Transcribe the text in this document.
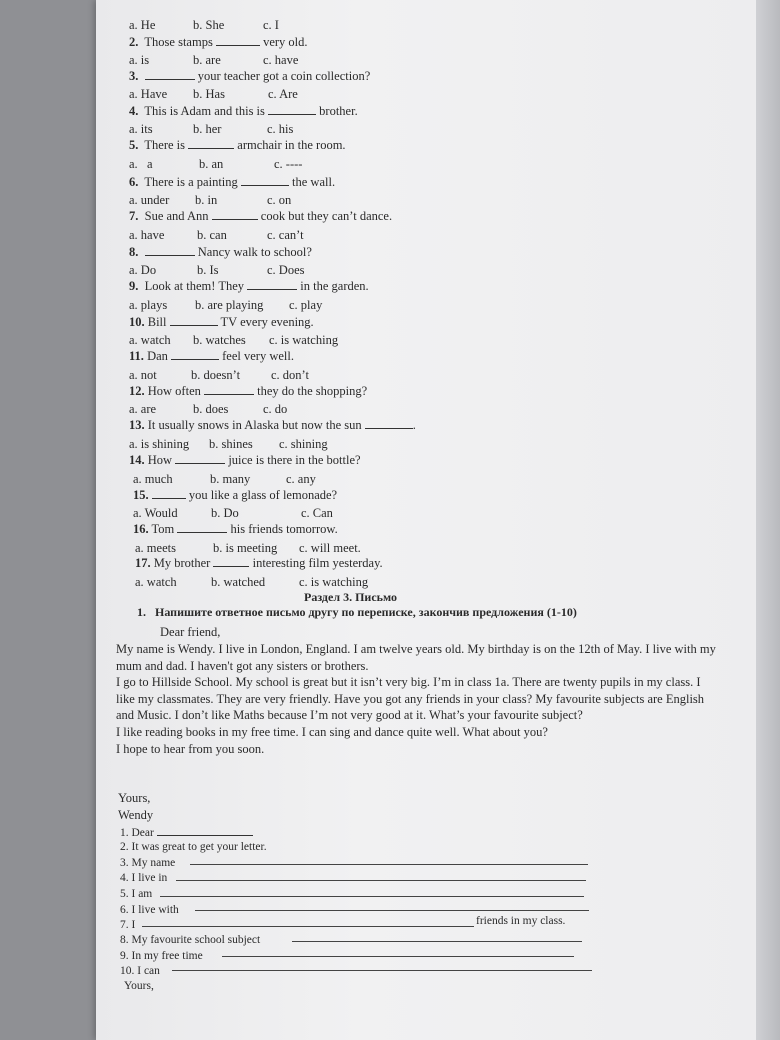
a. He	b. She	c. I
2. Those stamps	very old.
a. is	b. are	c. have
3.	your teacher got a coin collection?
a. Have b. Has	c. Are
4. This is Adam and this is	brother.
a. its	b. her	c. his
5. There is	armchair in the room.
a.   a	b. an	c. ----
6. There is a painting	the wall.
a. under b. in	c. on
7. Sue and Ann	cook but they can’t dance.
a. have	b. can	c. can’t
8.	Nancy walk to school?
a. Do	b. Is	c. Does
9. Look at them! They	in the garden.
a. plays b. are playing c. play
10. Bill	TV every evening.
a. watch b. watches c. is watching
11. Dan	feel very well.
a. not	b. doesn’t c. don’t
12. How often	they do the shopping?
a. are	b. does	c. do
13. It usually snows in Alaska but now the sun	.
a. is shining b. shines c. shining
14. How	juice is there in the bottle?
a. much	b. many	c. any
15.	you like a glass of lemonade?
a. Would	b. Do	c. Can
16. Tom	his friends tomorrow.
a. meets	b. is meeting c. will meet.
17. My brother	interesting film yesterday.
a. watch	b. watched	c. is watching
Раздел 3. Письмо
1. Напишите ответное письмо другу по переписке, закончив предложения (1-10)
Dear friend,

My name is Wendy. I live in London, England. I am twelve years old. My birthday is on the 12th of May. I live with my mum and dad. I haven't got any sisters or brothers.

I go to Hillside School. My school is great but it isn’t very big. I’m in class 1a. There are twenty pupils in my class. I like my classmates. They are very friendly. Have you got any friends in your class? My favourite subjects are English and Music. I don’t like Maths because I’m not very good at it. What’s your favourite subject?

I like reading books in my free time. I can sing and dance quite well. What about you?

I hope to hear from you soon.

Yours,
Wendy
1. Dear
2. It was great to get your letter.
3. My name
4. I live in
5. I am
6. I live with
7. I	friends in my class.
8. My favourite school subject
9. In my free time
10. I can
Yours,
